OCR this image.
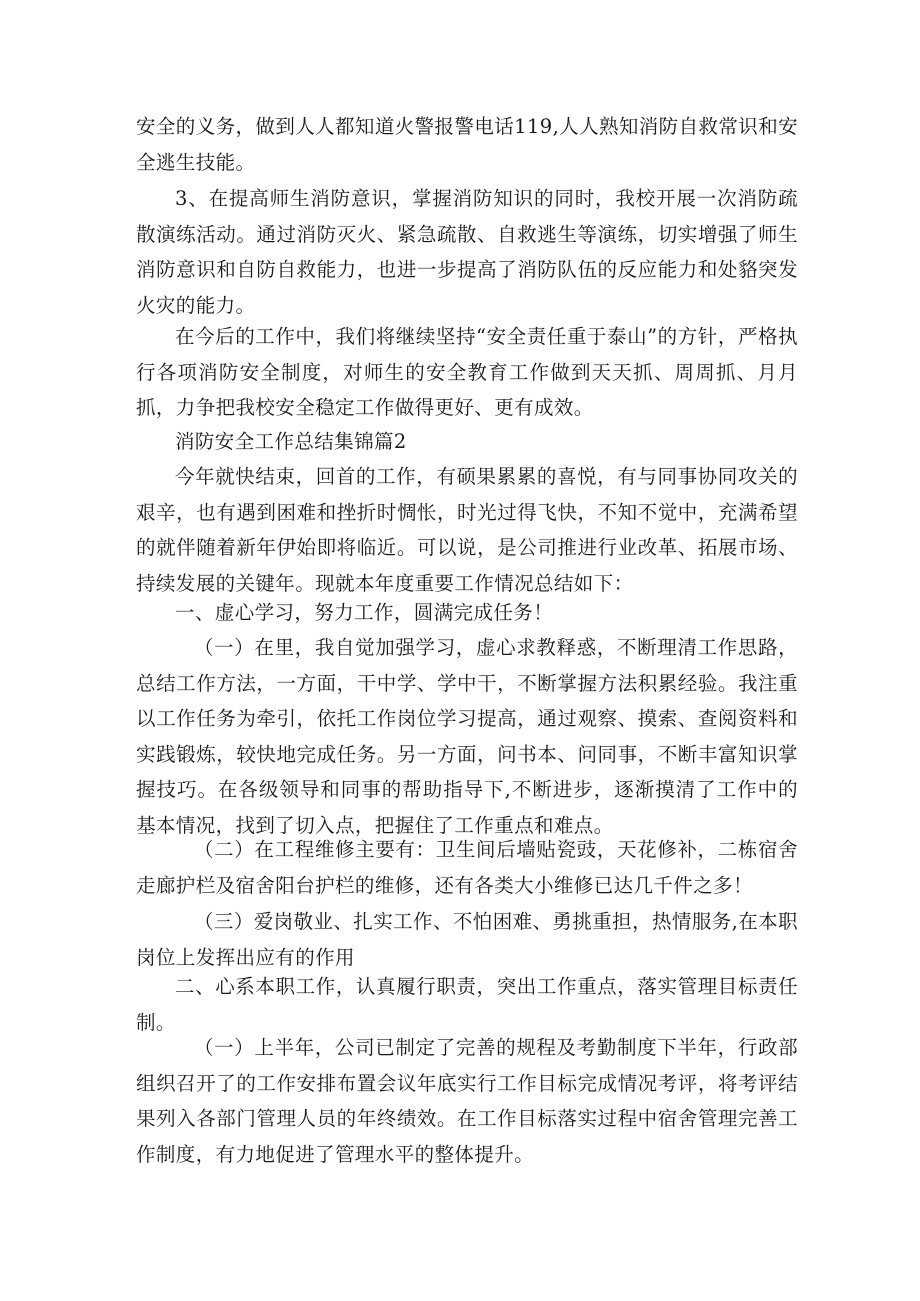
安全的义务，做到人人都知道火警报警电话119,人人熟知消防自救常识和安全逃生技能。

3、在提高师生消防意识，掌握消防知识的同时，我校开展一次消防疏散演练活动。通过消防灭火、紧急疏散、自救逃生等演练，切实增强了师生消防意识和自防自救能力，也进一步提高了消防队伍的反应能力和处貉突发火灾的能力。

在今后的工作中，我们将继续坚持“安全责任重于泰山”的方针，严格执行各项消防安全制度，对师生的安全教育工作做到天天抓、周周抓、月月抓，力争把我校安全稳定工作做得更好、更有成效。

消防安全工作总结集锦篇2

今年就快结束，回首的工作，有硕果累累的喜悦，有与同事协同攻关的艰辛，也有遇到困难和挫折时惆怅，时光过得飞快，不知不觉中，充满希望的就伴随着新年伊始即将临近。可以说，是公司推进行业改革、拓展市场、持续发展的关键年。现就本年度重要工作情况总结如下：

一、虚心学习，努力工作，圆满完成任务！

（一）在里，我自觉加强学习，虚心求教释惑，不断理清工作思路，总结工作方法，一方面，干中学、学中干，不断掌握方法积累经验。我注重以工作任务为牵引，依托工作岗位学习提高，通过观察、摸索、查阅资料和实践锻炼，较快地完成任务。另一方面，问书本、问同事，不断丰富知识掌握技巧。在各级领导和同事的帮助指导下,不断进步，逐渐摸清了工作中的基本情况，找到了切入点，把握住了工作重点和难点。

（二）在工程维修主要有：卫生间后墙贴瓷豉，天花修补，二栋宿舍走廊护栏及宿舍阳台护栏的维修，还有各类大小维修已达几千件之多！

（三）爱岗敬业、扎实工作、不怕困难、勇挑重担，热情服务,在本职岗位上发挥出应有的作用

二、心系本职工作，认真履行职责，突出工作重点，落实管理目标责任制。

（一）上半年，公司已制定了完善的规程及考勤制度下半年，行政部组织召开了的工作安排布置会议年底实行工作目标完成情况考评，将考评结果列入各部门管理人员的年终绩效。在工作目标落实过程中宿舍管理完善工作制度，有力地促进了管理水平的整体提升。
